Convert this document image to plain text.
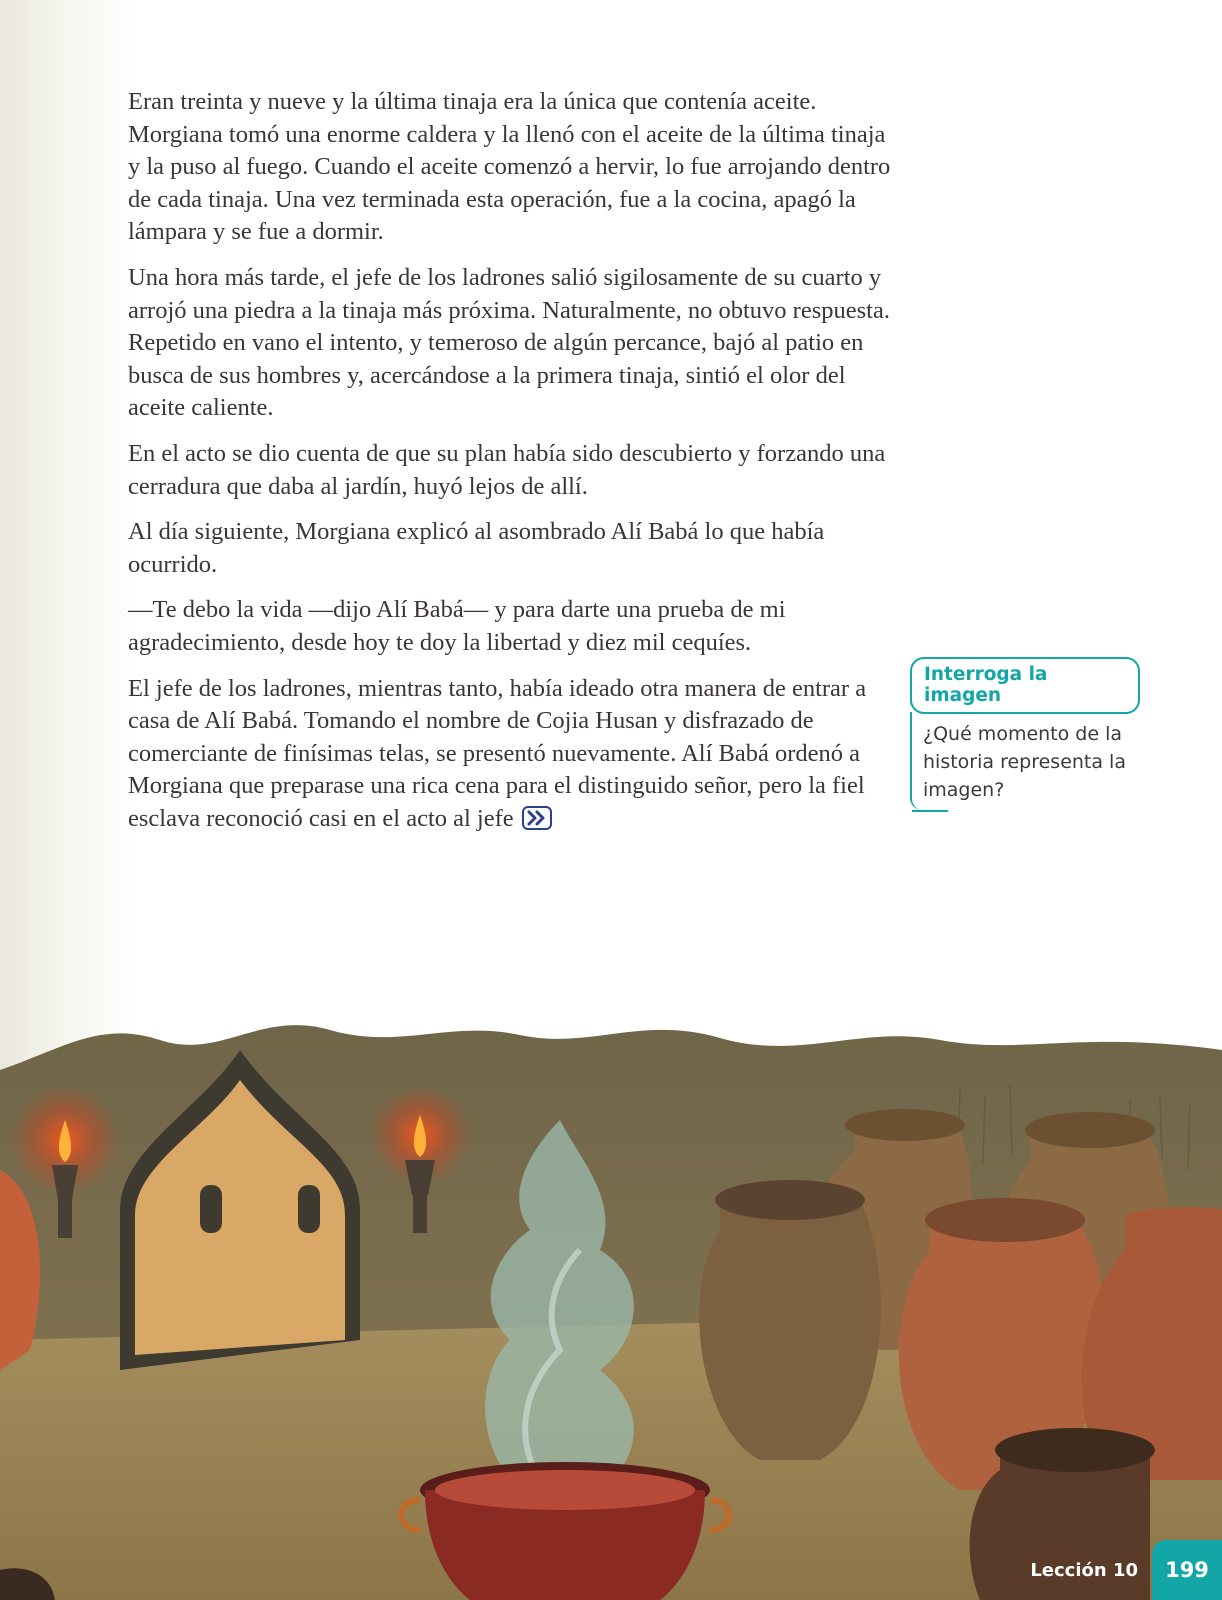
Eran treinta y nueve y la última tinaja era la única que contenía aceite. Morgiana tomó una enorme caldera y la llenó con el aceite de la última tinaja y la puso al fuego. Cuando el aceite comenzó a hervir, lo fue arrojando dentro de cada tinaja. Una vez terminada esta operación, fue a la cocina, apagó la lámpara y se fue a dormir.

Una hora más tarde, el jefe de los ladrones salió sigilosamente de su cuarto y arrojó una piedra a la tinaja más próxima. Naturalmente, no obtuvo respuesta. Repetido en vano el intento, y temeroso de algún percance, bajó al patio en busca de sus hombres y, acercándose a la primera tinaja, sintió el olor del aceite caliente.

En el acto se dio cuenta de que su plan había sido descubierto y forzando una cerradura que daba al jardín, huyó lejos de allí.

Al día siguiente, Morgiana explicó al asombrado Alí Babá lo que había ocurrido.

—Te debo la vida —dijo Alí Babá— y para darte una prueba de mi agradecimiento, desde hoy te doy la libertad y diez mil cequíes.

El jefe de los ladrones, mientras tanto, había ideado otra manera de entrar a casa de Alí Babá. Tomando el nombre de Cojia Husan y disfrazado de comerciante de finísimas telas, se presentó nuevamente. Alí Babá ordenó a Morgiana que preparase una rica cena para el distinguido señor, pero la fiel esclava reconoció casi en el acto al jefe

Interroga la imagen
¿Qué momento de la historia representa la imagen?
Lección 10	199
